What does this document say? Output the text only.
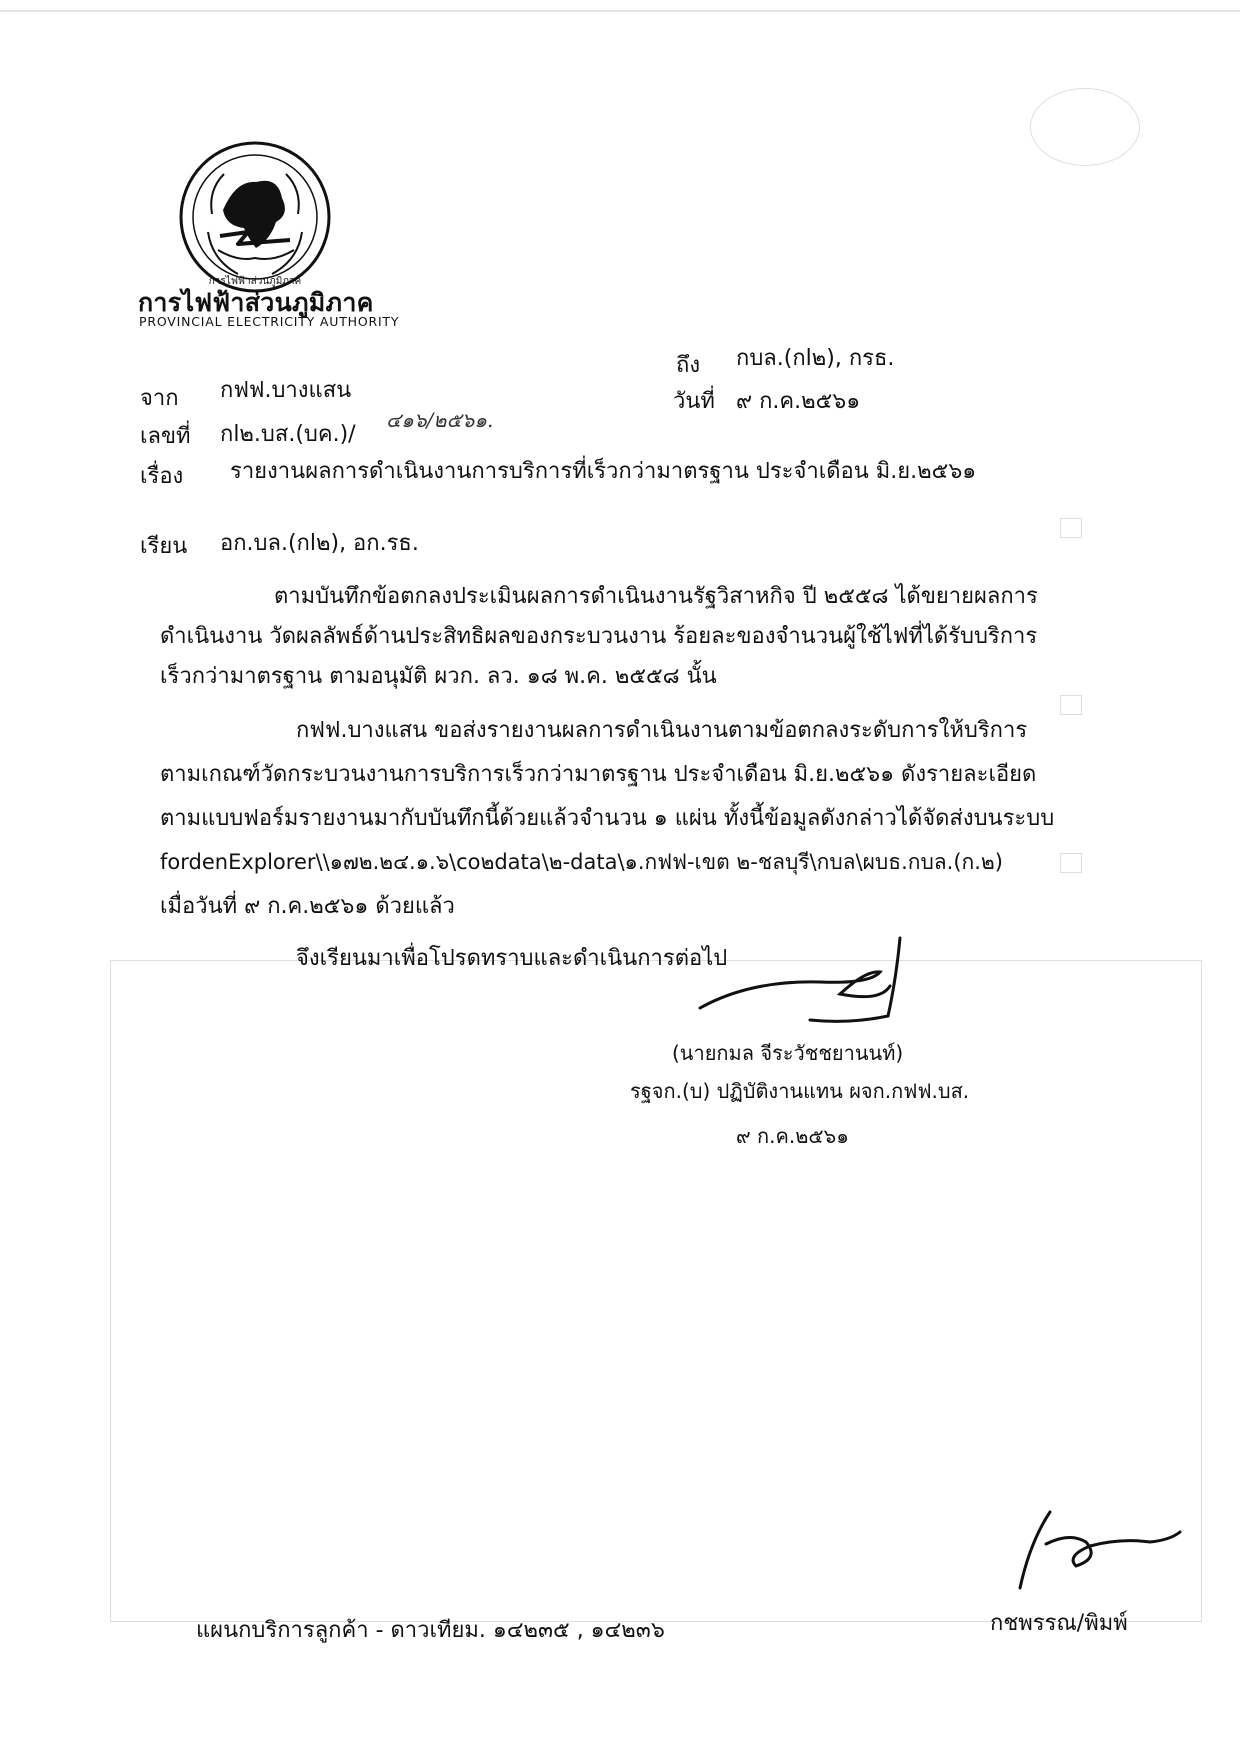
การไฟฟ้าส่วนภูมิภาค
การไฟฟ้าส่วนภูมิภาค
PROVINCIAL ELECTRICITY AUTHORITY
ถึง กบล.(กl๒), กรธ.
จาก กฟฟ.บางแสน	วันที่ ๙ ก.ค.๒๕๖๑
เลขที่ กl๒.บส.(บค.)/
๔๑๖/๒๕๖๑.
เรื่อง รายงานผลการดำเนินงานการบริการที่เร็วกว่ามาตรฐาน ประจำเดือน มิ.ย.๒๕๖๑
เรียน อก.บล.(กl๒), อก.รธ.
ตามบันทึกข้อตกลงประเมินผลการดำเนินงานรัฐวิสาหกิจ ปี ๒๕๕๘ ได้ขยายผลการ
ดำเนินงาน วัดผลลัพธ์ด้านประสิทธิผลของกระบวนงาน ร้อยละของจำนวนผู้ใช้ไฟที่ได้รับบริการ
เร็วกว่ามาตรฐาน ตามอนุมัติ ผวก. ลว. ๑๘ พ.ค. ๒๕๕๘ นั้น
กฟฟ.บางแสน ขอส่งรายงานผลการดำเนินงานตามข้อตกลงระดับการให้บริการ
ตามเกณฑ์วัดกระบวนงานการบริการเร็วกว่ามาตรฐาน ประจำเดือน มิ.ย.๒๕๖๑ ดังรายละเอียด
ตามแบบฟอร์มรายงานมากับบันทึกนี้ด้วยแล้วจำนวน ๑ แผ่น ทั้งนี้ข้อมูลดังกล่าวได้จัดส่งบนระบบ
fordenExplorer\\๑๗๒.๒๔.๑.๖\co๒data\๒-data\๑.กฟฟ-เขต ๒-ชลบุรี\กบล\ผบธ.กบล.(ก.๒)
เมื่อวันที่ ๙ ก.ค.๒๕๖๑ ด้วยแล้ว
จึงเรียนมาเพื่อโปรดทราบและดำเนินการต่อไป
(นายกมล จีระวัชชยานนท์)
รฐจก.(บ) ปฏิบัติงานแทน ผจก.กฟฟ.บส.
๙ ก.ค.๒๕๖๑
แผนกบริการลูกค้า - ดาวเทียม. ๑๔๒๓๕ , ๑๔๒๓๖	กชพรรณ/พิมพ์
